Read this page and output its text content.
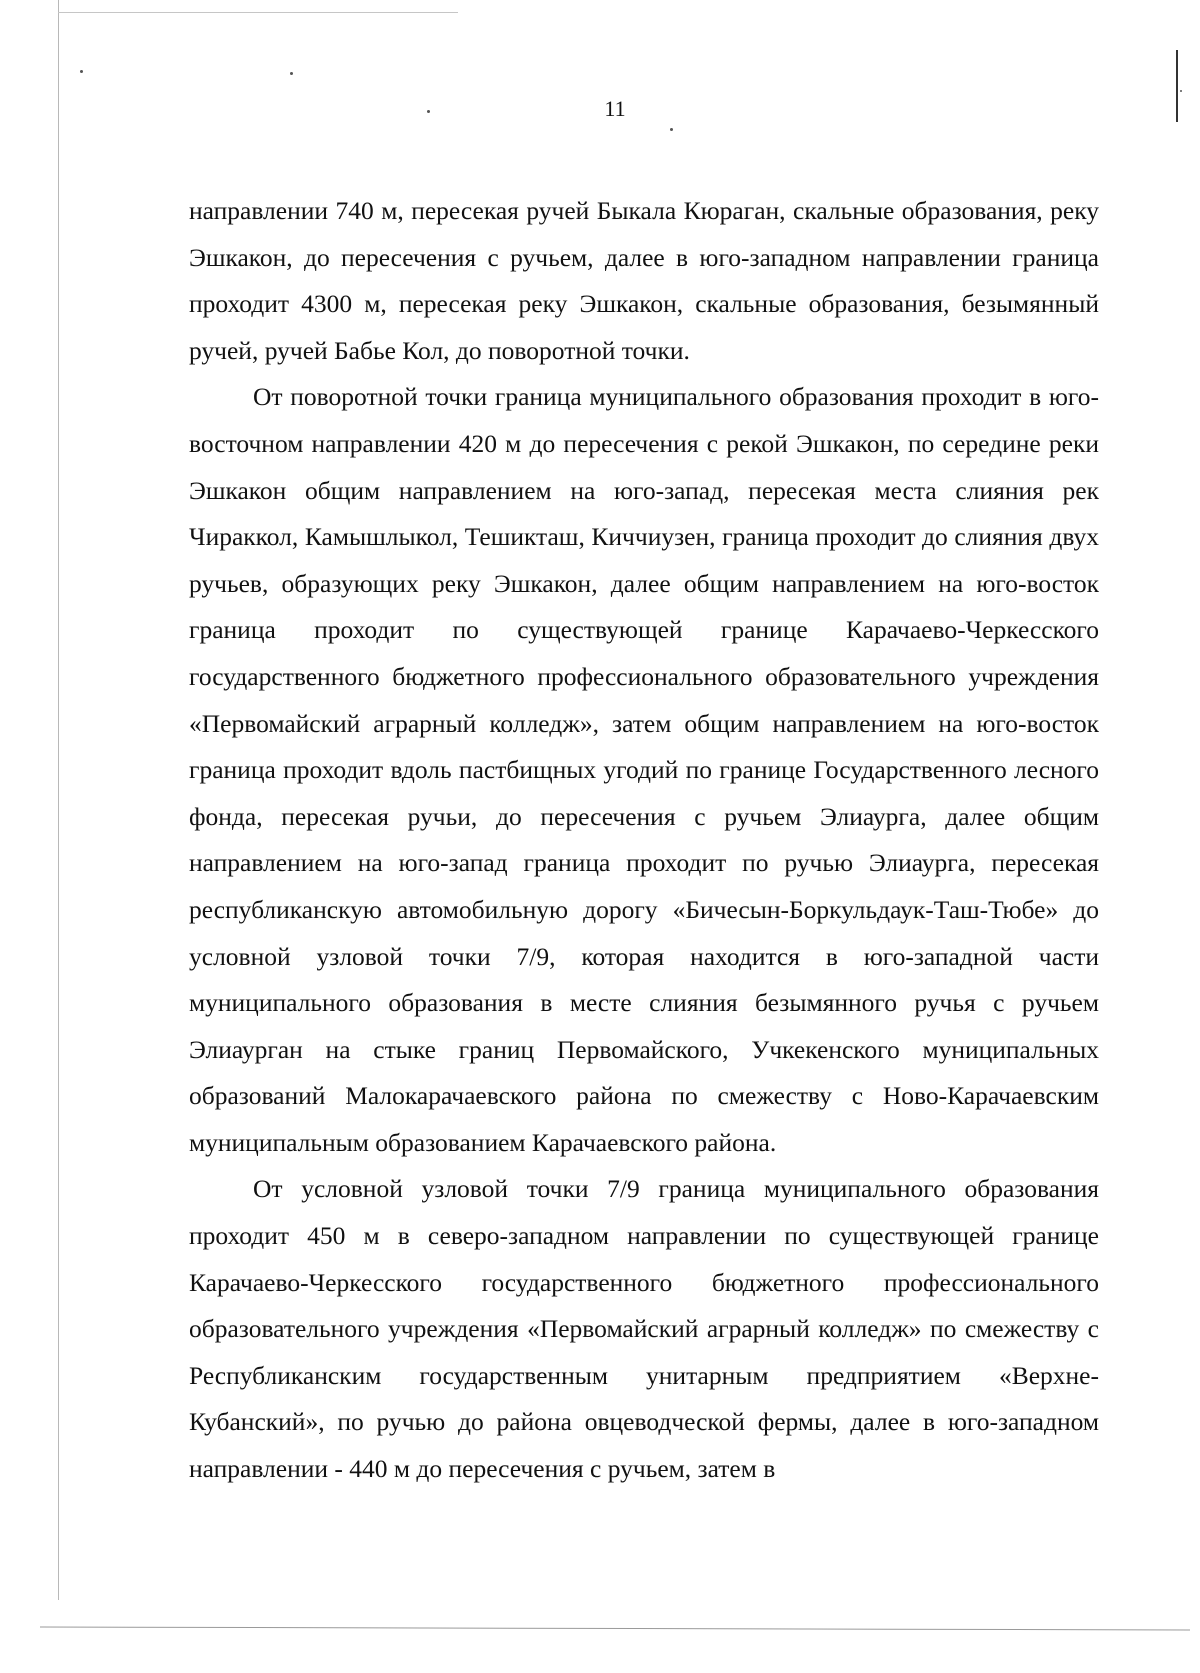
11

направлении 740 м, пересекая ручей Быкала Кюраган, скальные образования, реку Эшкакон, до пересечения с ручьем, далее в юго-западном направлении граница проходит 4300 м, пересекая реку Эшкакон, скальные образования, безымянный ручей, ручей Бабье Кол, до поворотной точки.

От поворотной точки граница муниципального образования проходит в юго-восточном направлении 420 м до пересечения с рекой Эшкакон, по середине реки Эшкакон общим направлением на юго-запад, пересекая места слияния рек Чираккол, Камышлыкол, Тешикташ, Киччиузен, граница проходит до слияния двух ручьев, образующих реку Эшкакон, далее общим направлением на юго-восток граница проходит по существующей границе Карачаево-Черкесского государственного бюджетного профессионального образовательного учреждения «Первомайский аграрный колледж», затем общим направлением на юго-восток граница проходит вдоль пастбищных угодий по границе Государственного лесного фонда, пересекая ручьи, до пересечения с ручьем Элиаурга, далее общим направлением на юго-запад граница проходит по ручью Элиаурга, пересекая республиканскую автомобильную дорогу «Бичесын-Боркульдаук-Таш-Тюбе» до условной узловой точки 7/9, которая находится в юго-западной части муниципального образования в месте слияния безымянного ручья с ручьем Элиаурган на стыке границ Первомайского, Учкекенского муниципальных образований Малокарачаевского района по смежеству с Ново-Карачаевским муниципальным образованием Карачаевского района.

От условной узловой точки 7/9 граница муниципального образования проходит 450 м в северо-западном направлении по существующей границе Карачаево-Черкесского государственного бюджетного профессионального образовательного учреждения «Первомайский аграрный колледж» по смежеству с Республиканским государственным унитарным предприятием «Верхне-Кубанский», по ручью до района овцеводческой фермы, далее в юго-западном направлении - 440 м до пересечения с ручьем, затем в
